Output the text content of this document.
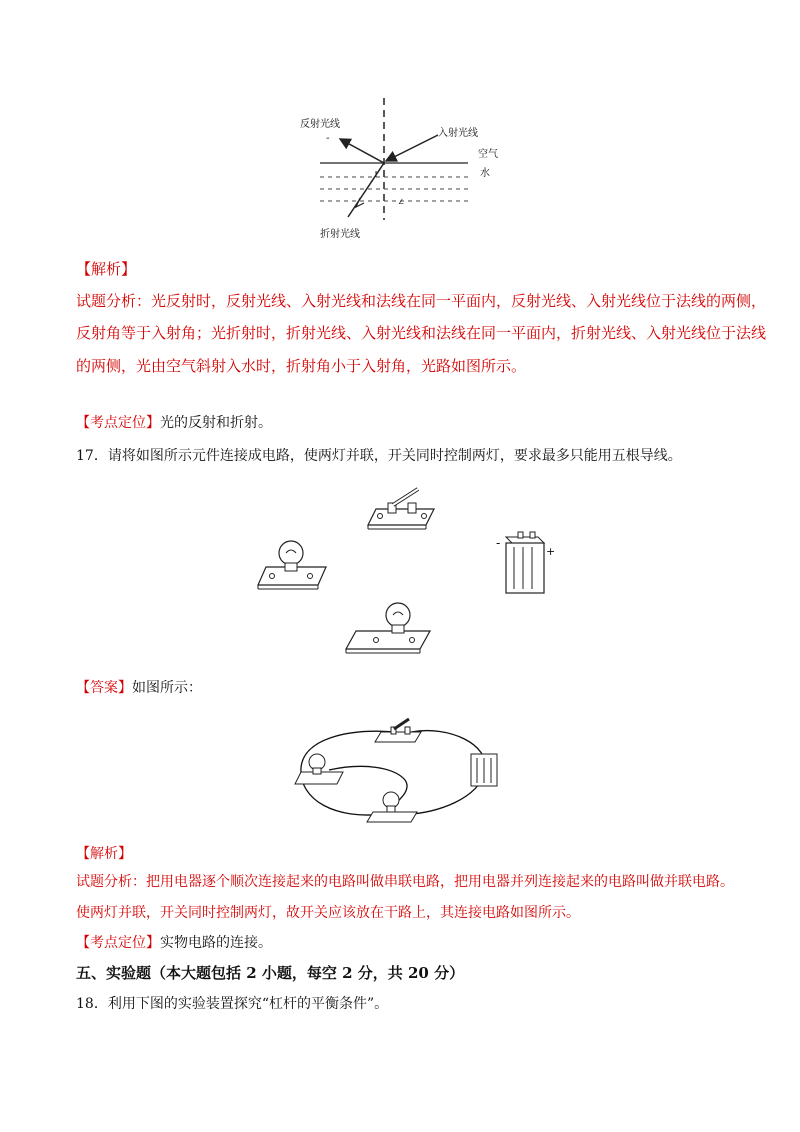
∠
反射光线
-	入射光线
空气
水
折射光线
【解析】
试题分析：光反射时，反射光线、入射光线和法线在同一平面内，反射光线、入射光线位于法线的两侧，
反射角等于入射角；光折射时，折射光线、入射光线和法线在同一平面内，折射光线、入射光线位于法线
的两侧，光由空气斜射入水时，折射角小于入射角，光路如图所示。
【考点定位】光的反射和折射。
17．请将如图所示元件连接成电路，使两灯并联，开关同时控制两灯，要求最多只能用五根导线。
-
+
【答案】如图所示：
【解析】
试题分析：把用电器逐个顺次连接起来的电路叫做串联电路，把用电器并列连接起来的电路叫做并联电路。
使两灯并联，开关同时控制两灯，故开关应该放在干路上，其连接电路如图所示。
【考点定位】实物电路的连接。
五、实验题（本大题包括 2 小题，每空 2 分，共 20 分）
18．利用下图的实验装置探究“杠杆的平衡条件”。
